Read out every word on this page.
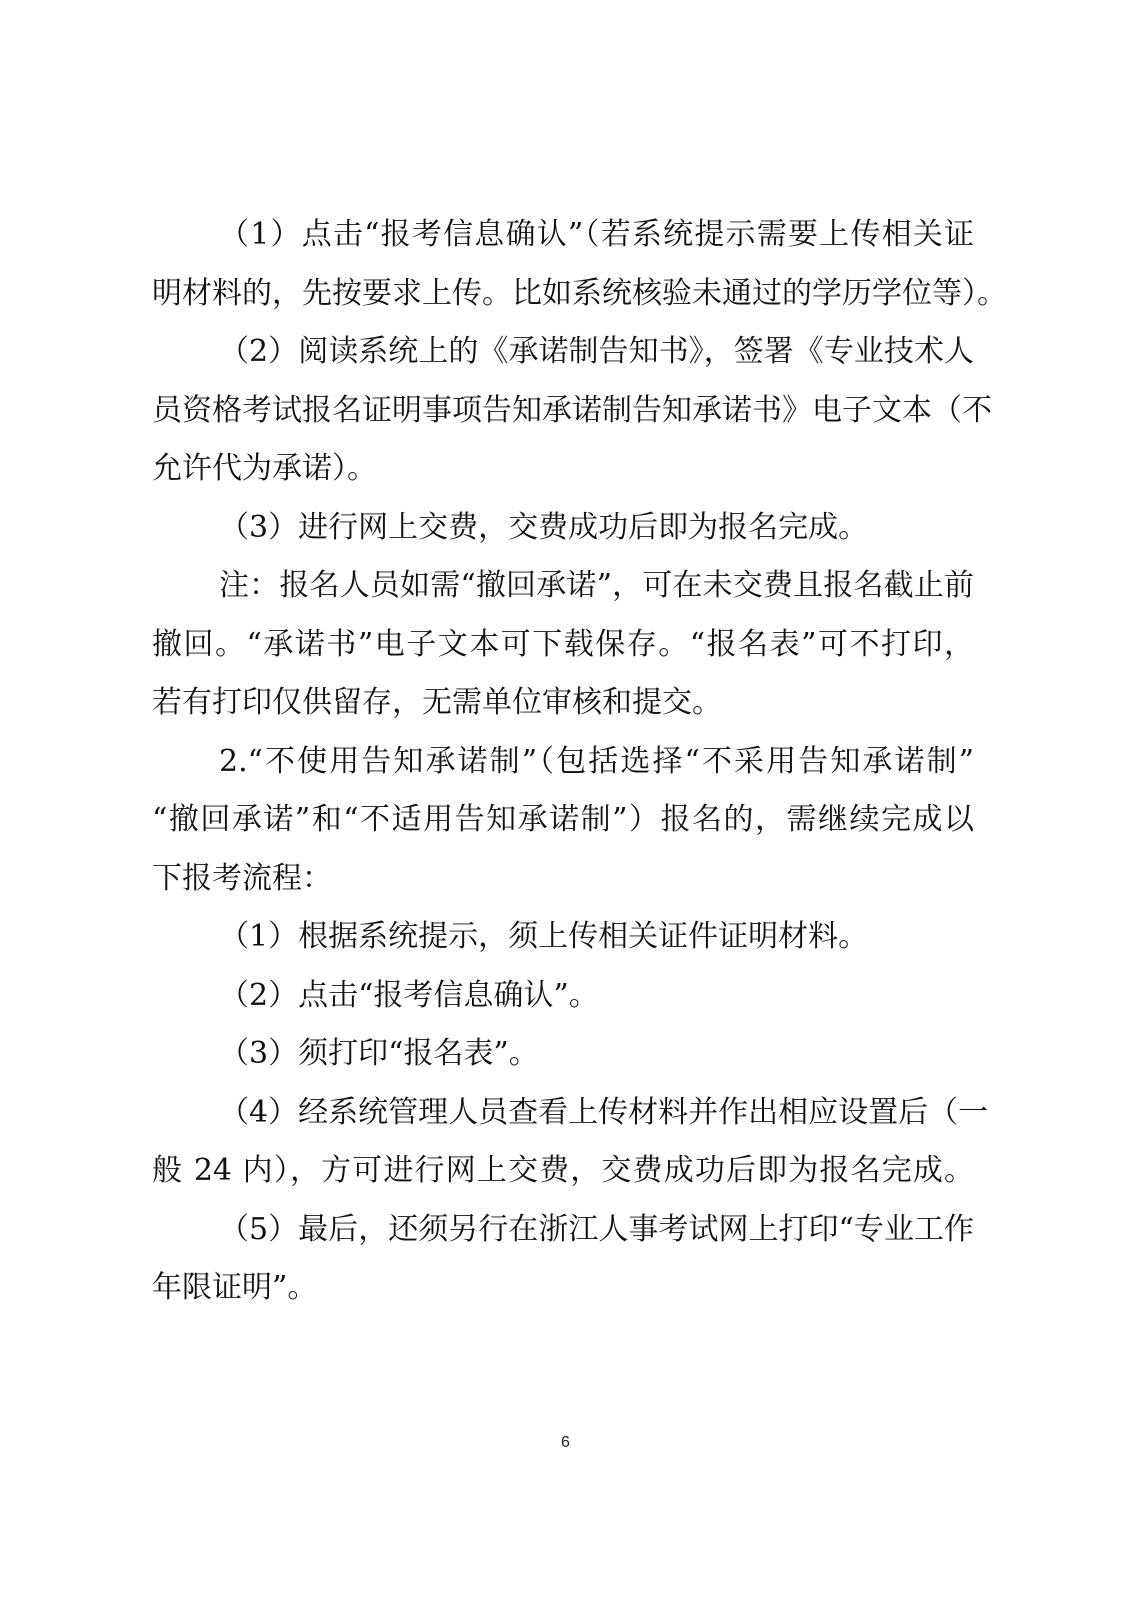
（1）点击“报考信息确认”（若系统提示需要上传相关证
明材料的，先按要求上传。比如系统核验未通过的学历学位等）。
（2）阅读系统上的《承诺制告知书》，签署《专业技术人
员资格考试报名证明事项告知承诺制告知承诺书》电子文本（不
允许代为承诺）。
（3）进行网上交费，交费成功后即为报名完成。
注：报名人员如需“撤回承诺”，可在未交费且报名截止前
撤回。“承诺书”电子文本可下载保存。“报名表”可不打印，
若有打印仅供留存，无需单位审核和提交。
2.“不使用告知承诺制”（包括选择“不采用告知承诺制”
“撤回承诺”和“不适用告知承诺制”）报名的，需继续完成以
下报考流程：
（1）根据系统提示，须上传相关证件证明材料。
（2）点击“报考信息确认”。
（3）须打印“报名表”。
（4）经系统管理人员查看上传材料并作出相应设置后（一
般 24 内），方可进行网上交费，交费成功后即为报名完成。
（5）最后，还须另行在浙江人事考试网上打印“专业工作
年限证明”。
6
